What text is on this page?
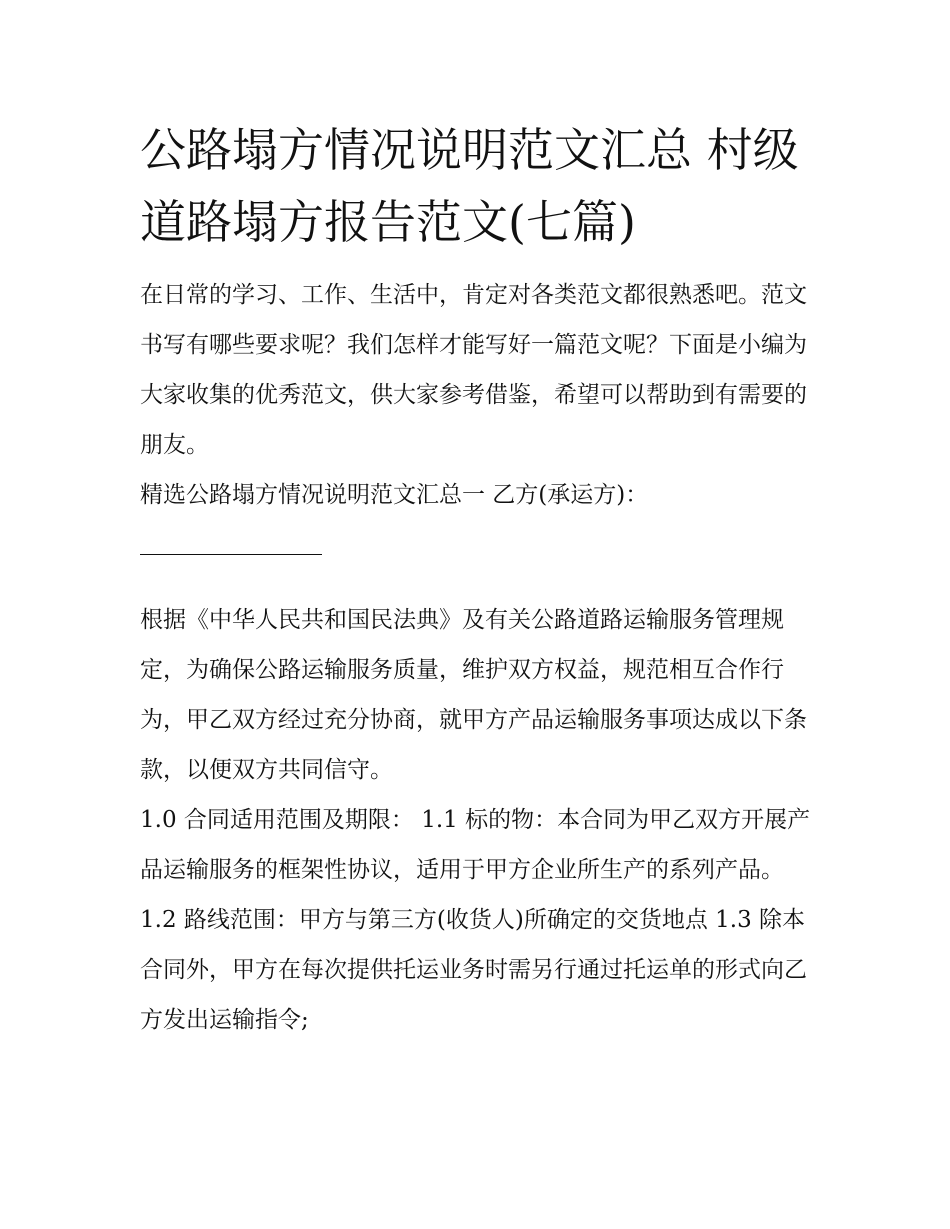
公路塌方情况说明范文汇总 村级道路塌方报告范文(七篇)

在日常的学习、工作、生活中，肯定对各类范文都很熟悉吧。范文书写有哪些要求呢？我们怎样才能写好一篇范文呢？下面是小编为大家收集的优秀范文，供大家参考借鉴，希望可以帮助到有需要的朋友。

精选公路塌方情况说明范文汇总一 乙方(承运方)：

根据《中华人民共和国民法典》及有关公路道路运输服务管理规定，为确保公路运输服务质量，维护双方权益，规范相互合作行为，甲乙双方经过充分协商，就甲方产品运输服务事项达成以下条款，以便双方共同信守。

1.0 合同适用范围及期限： 1.1 标的物：本合同为甲乙双方开展产品运输服务的框架性协议，适用于甲方企业所生产的系列产品。

1.2 路线范围：甲方与第三方(收货人)所确定的交货地点 1.3 除本合同外，甲方在每次提供托运业务时需另行通过托运单的形式向乙方发出运输指令;
